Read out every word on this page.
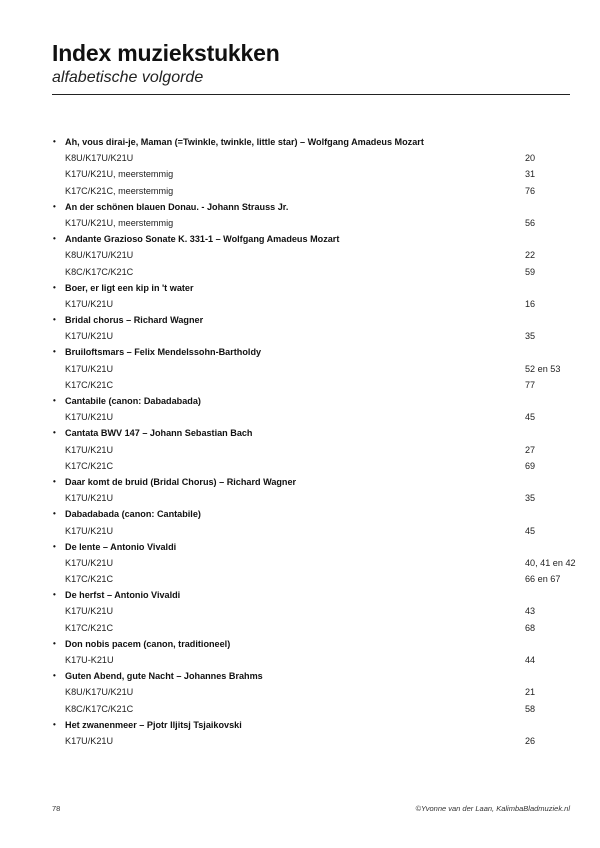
Index muziekstukken
alfabetische volgorde
• Ah, vous dirai-je, Maman (=Twinkle, twinkle, little star) – Wolfgang Amadeus Mozart
K8U/K17U/K21U	20
K17U/K21U, meerstemmig	31
K17C/K21C, meerstemmig	76
• An der schönen blauen Donau. - Johann Strauss Jr.
K17U/K21U, meerstemmig	56
• Andante Grazioso Sonate K. 331-1 – Wolfgang Amadeus Mozart
K8U/K17U/K21U	22
K8C/K17C/K21C	59
• Boer, er ligt een kip in 't water
K17U/K21U	16
• Bridal chorus – Richard Wagner
K17U/K21U	35
• Bruiloftsmars – Felix Mendelssohn-Bartholdy
K17U/K21U	52 en 53
K17C/K21C	77
• Cantabile (canon: Dabadabada)
K17U/K21U	45
• Cantata BWV 147 – Johann Sebastian Bach
K17U/K21U	27
K17C/K21C	69
• Daar komt de bruid (Bridal Chorus) – Richard Wagner
K17U/K21U	35
• Dabadabada (canon: Cantabile)
K17U/K21U	45
• De lente – Antonio Vivaldi
K17U/K21U	40, 41 en 42
K17C/K21C	66 en 67
• De herfst – Antonio Vivaldi
K17U/K21U	43
K17C/K21C	68
• Don nobis pacem (canon, traditioneel)
K17U-K21U	44
• Guten Abend, gute Nacht – Johannes Brahms
K8U/K17U/K21U	21
K8C/K17C/K21C	58
• Het zwanenmeer – Pjotr Iljitsj Tsjaikovski
K17U/K21U	26
78	©Yvonne van der Laan, KalimbaBladmuziek.nl
